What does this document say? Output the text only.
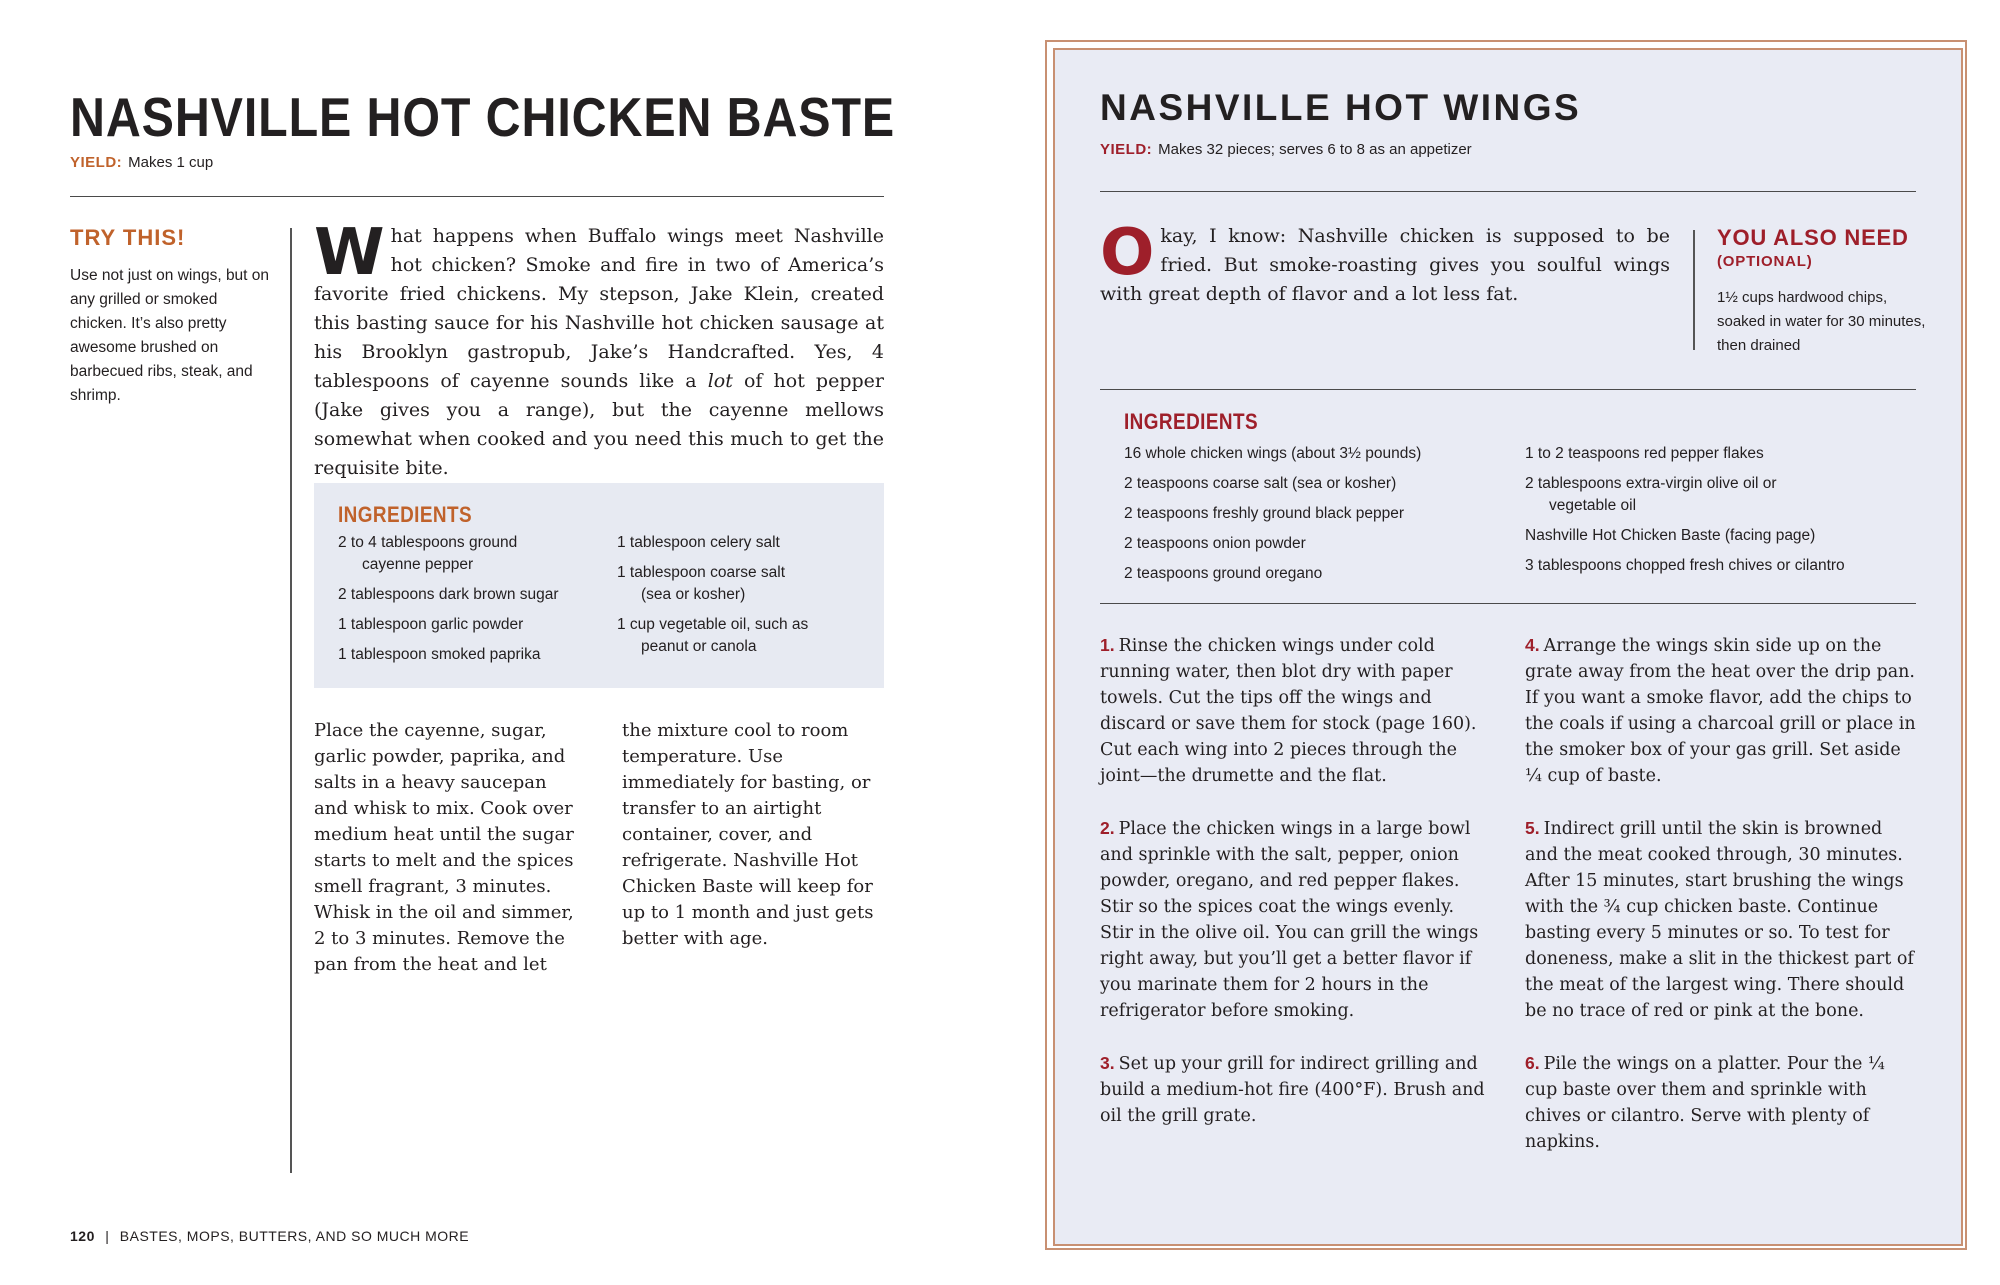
NASHVILLE HOT CHICKEN BASTE
YIELD: Makes 1 cup
TRY THIS!

Use not just on wings, but on any grilled or smoked chicken. It’s also pretty awesome brushed on barbecued ribs, steak, and shrimp.

What happens when Buffalo wings meet Nashville hot chicken? Smoke and fire in two of America’s favorite fried chickens. My stepson, Jake Klein, created this basting sauce for his Nashville hot chicken sausage at his Brooklyn gastropub, Jake’s Handcrafted. Yes, 4 tablespoons of cayenne sounds like a lot of hot pepper (Jake gives you a range), but the cayenne mellows somewhat when cooked and you need this much to get the requisite bite.

INGREDIENTS
2 to 4 tablespoons ground
cayenne pepper
2 tablespoons dark brown sugar
1 tablespoon garlic powder
1 tablespoon smoked paprika
1 tablespoon celery salt
1 tablespoon coarse salt
(sea or kosher)
1 cup vegetable oil, such as
peanut or canola

Place the cayenne, sugar, garlic powder, paprika, and salts in a heavy saucepan and whisk to mix. Cook over medium heat until the sugar starts to melt and the spices smell fragrant, 3 minutes. Whisk in the oil and simmer, 2 to 3 minutes. Remove the pan from the heat and let the mixture cool to room temperature. Use immediately for basting, or transfer to an airtight container, cover, and refrigerate. Nashville Hot Chicken Baste will keep for up to 1 month and just gets better with age.

120 | BASTES, MOPS, BUTTERS, AND SO MUCH MORE
NASHVILLE HOT WINGS
YIELD: Makes 32 pieces; serves 6 to 8 as an appetizer

Okay, I know: Nashville chicken is supposed to be fried. But smoke-roasting gives you soulful wings with great depth of flavor and a lot less fat.

YOU ALSO NEED
(OPTIONAL)

1½ cups hardwood chips, soaked in water for 30 minutes, then drained

INGREDIENTS
16 whole chicken wings (about 3½ pounds)
2 teaspoons coarse salt (sea or kosher)
2 teaspoons freshly ground black pepper
2 teaspoons onion powder
2 teaspoons ground oregano
1 to 2 teaspoons red pepper flakes
2 tablespoons extra-virgin olive oil or
vegetable oil
Nashville Hot Chicken Baste (facing page)
3 tablespoons chopped fresh chives or cilantro
1. Rinse the chicken wings under cold running water, then blot dry with paper towels. Cut the tips off the wings and discard or save them for stock (page 160). Cut each wing into 2 pieces through the joint—the drumette and the flat.
2. Place the chicken wings in a large bowl and sprinkle with the salt, pepper, onion powder, oregano, and red pepper flakes. Stir so the spices coat the wings evenly. Stir in the olive oil. You can grill the wings right away, but you’ll get a better flavor if you marinate them for 2 hours in the refrigerator before smoking.
3. Set up your grill for indirect grilling and build a medium-hot fire (400°F). Brush and oil the grill grate.
4. Arrange the wings skin side up on the grate away from the heat over the drip pan. If you want a smoke flavor, add the chips to the coals if using a charcoal grill or place in the smoker box of your gas grill. Set aside ¼ cup of baste.
5. Indirect grill until the skin is browned and the meat cooked through, 30 minutes. After 15 minutes, start brushing the wings with the ¾ cup chicken baste. Continue basting every 5 minutes or so. To test for doneness, make a slit in the thickest part of the meat of the largest wing. There should be no trace of red or pink at the bone.
6. Pile the wings on a platter. Pour the ¼ cup baste over them and sprinkle with chives or cilantro. Serve with plenty of napkins.
